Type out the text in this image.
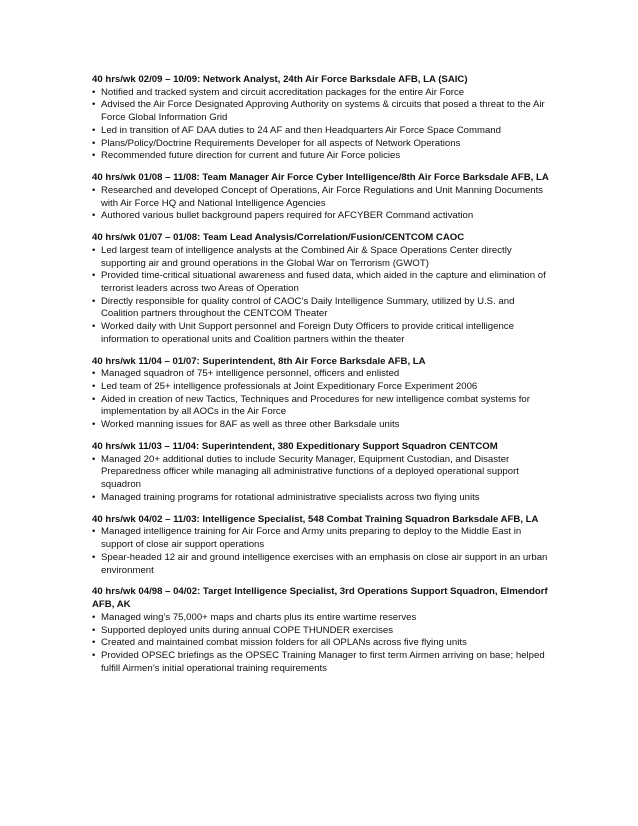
40 hrs/wk 02/09 – 10/09: Network Analyst, 24th Air Force Barksdale AFB, LA (SAIC)
• Notified and tracked system and circuit accreditation packages for the entire Air Force
• Advised the Air Force Designated Approving Authority on systems & circuits that posed a threat to the Air Force Global Information Grid
• Led in transition of AF DAA duties to 24 AF and then Headquarters Air Force Space Command
• Plans/Policy/Doctrine Requirements Developer for all aspects of Network Operations
• Recommended future direction for current and future Air Force policies
40 hrs/wk 01/08 – 11/08: Team Manager Air Force Cyber Intelligence/8th Air Force Barksdale AFB, LA
• Researched and developed Concept of Operations, Air Force Regulations and Unit Manning Documents with Air Force HQ and National Intelligence Agencies
• Authored various bullet background papers required for AFCYBER Command activation
40 hrs/wk 01/07 – 01/08: Team Lead Analysis/Correlation/Fusion/CENTCOM CAOC
• Led largest team of intelligence analysts at the Combined Air & Space Operations Center directly supporting air and ground operations in the Global War on Terrorism (GWOT)
• Provided time-critical situational awareness and fused data, which aided in the capture and elimination of terrorist leaders across two Areas of Operation
• Directly responsible for quality control of CAOC’s Daily Intelligence Summary, utilized by U.S. and Coalition partners throughout the CENTCOM Theater
• Worked daily with Unit Support personnel and Foreign Duty Officers to provide critical intelligence information to operational units and Coalition partners within the theater
40 hrs/wk 11/04 – 01/07: Superintendent, 8th Air Force Barksdale AFB, LA
• Managed squadron of 75+ intelligence personnel, officers and enlisted
• Led team of 25+ intelligence professionals at Joint Expeditionary Force Experiment 2006
• Aided in creation of new Tactics, Techniques and Procedures for new intelligence combat systems for implementation by all AOCs in the Air Force
• Worked manning issues for 8AF as well as three other Barksdale units
40 hrs/wk 11/03 – 11/04: Superintendent, 380 Expeditionary Support Squadron CENTCOM
• Managed 20+ additional duties to include Security Manager, Equipment Custodian, and Disaster Preparedness officer while managing all administrative functions of a deployed operational support squadron
• Managed training programs for rotational administrative specialists across two flying units
40 hrs/wk 04/02 – 11/03: Intelligence Specialist, 548 Combat Training Squadron Barksdale AFB, LA
• Managed intelligence training for Air Force and Army units preparing to deploy to the Middle East in support of close air support operations
• Spear-headed 12 air and ground intelligence exercises with an emphasis on close air support in an urban environment
40 hrs/wk 04/98 – 04/02: Target Intelligence Specialist, 3rd Operations Support Squadron, Elmendorf AFB, AK
• Managed wing’s 75,000+ maps and charts plus its entire wartime reserves
• Supported deployed units during annual COPE THUNDER exercises
• Created and maintained combat mission folders for all OPLANs across five flying units
• Provided OPSEC briefings as the OPSEC Training Manager to first term Airmen arriving on base; helped fulfill Airmen’s initial operational training requirements
